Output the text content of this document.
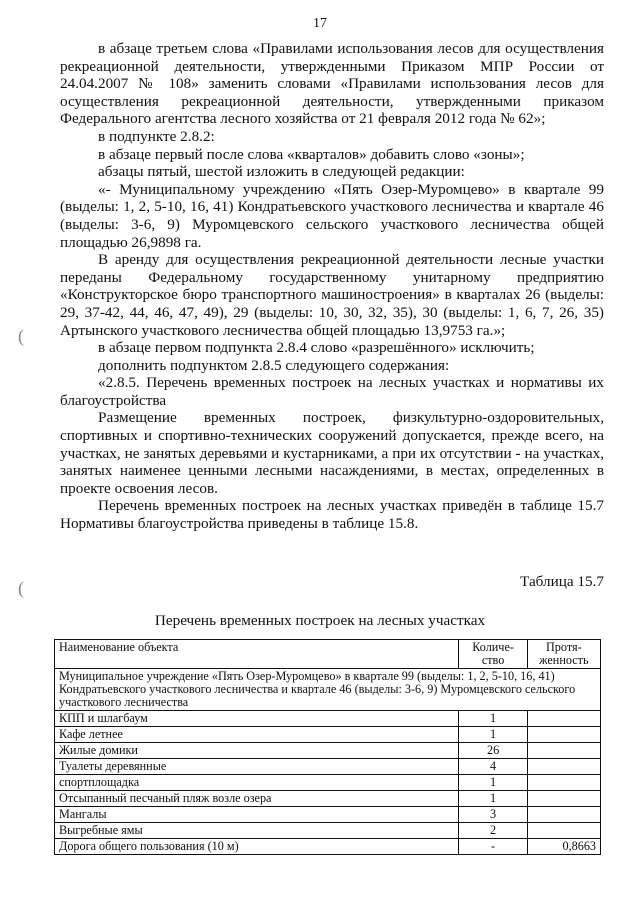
17

в абзаце третьем слова «Правилами использования лесов для осуществления рекреационной деятельности, утвержденными Приказом МПР России от 24.04.2007 № 108» заменить словами «Правилами использования лесов для осуществления рекреационной деятельности, утвержденными приказом Федерального агентства лесного хозяйства от 21 февраля 2012 года № 62»;

в подпункте 2.8.2:

в абзаце первый после слова «кварталов» добавить слово «зоны»;

абзацы пятый, шестой изложить в следующей редакции:

«- Муниципальному учреждению «Пять Озер-Муромцево» в квартале 99 (выделы: 1, 2, 5-10, 16, 41) Кондратьевского участкового лесничества и квартале 46 (выделы: 3-6, 9) Муромцевского сельского участкового лесничества общей площадью 26,9898 га.

В аренду для осуществления рекреационной деятельности лесные участки переданы Федеральному государственному унитарному предприятию «Конструкторское бюро транспортного машиностроения» в кварталах 26 (выделы: 29, 37-42, 44, 46, 47, 49), 29 (выделы: 10, 30, 32, 35), 30 (выделы: 1, 6, 7, 26, 35) Артынского участкового лесничества общей площадью 13,9753 га.»;

в абзаце первом подпункта 2.8.4 слово «разрешённого» исключить;

дополнить подпунктом 2.8.5 следующего содержания:

«2.8.5. Перечень временных построек на лесных участках и нормативы их благоустройства

Размещение временных построек, физкультурно-оздоровительных, спортивных и спортивно-технических сооружений допускается, прежде всего, на участках, не занятых деревьями и кустарниками, а при их отсутствии - на участках, занятых наименее ценными лесными насаждениями, в местах, определенных в проекте освоения лесов.

Перечень временных построек на лесных участках приведён в таблице 15.7 Нормативы благоустройства приведены в таблице 15.8.

(
(	Таблица 15.7
Перечень временных построек на лесных участках
Наименование объекта	Количе-ство	Протя-женность
Муниципальное учреждение «Пять Озер-Муромцево» в квартале 99 (выделы: 1, 2, 5-10, 16, 41) Кондратьевского участкового лесничества и квартале 46 (выделы: 3-6, 9) Муромцевского сельского участкового лесничества		
КПП и шлагбаум	1	
Кафе летнее	1	
Жилые домики	26	
Туалеты деревянные	4	
спортплощадка	1	
Отсыпанный песчаный пляж возле озера	1	
Мангалы	3	
Выгребные ямы	2	
Дорога общего пользования (10 м)	-	0,8663
